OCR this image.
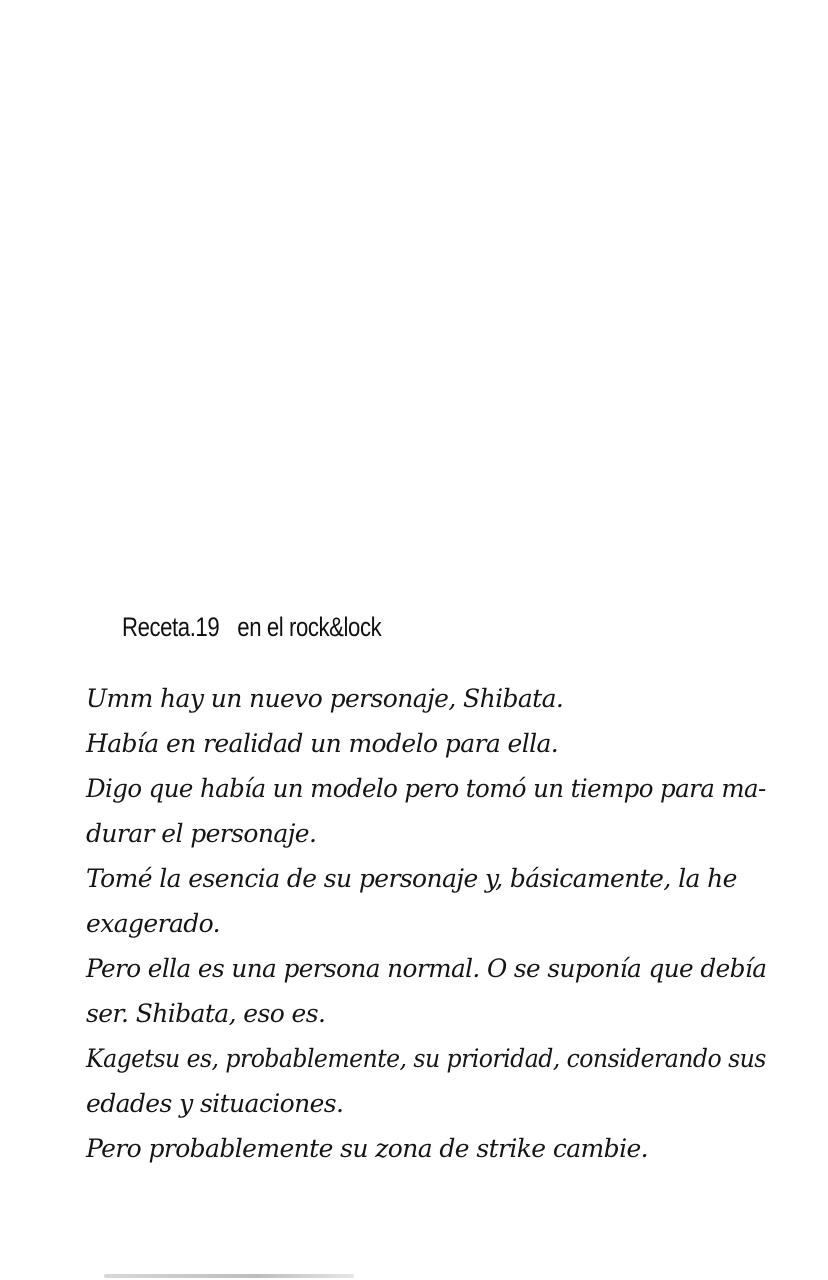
Receta.19 en el rock&lock
Umm hay un nuevo personaje, Shibata.
Había en realidad un modelo para ella.
Digo que había un modelo pero tomó un tiempo para ma-
durar el personaje.
Tomé la esencia de su personaje y, básicamente, la he
exagerado.
Pero ella es una persona normal. O se suponía que debía
ser. Shibata, eso es.
Kagetsu es, probablemente, su prioridad, considerando sus
edades y situaciones.
Pero probablemente su zona de strike cambie.
